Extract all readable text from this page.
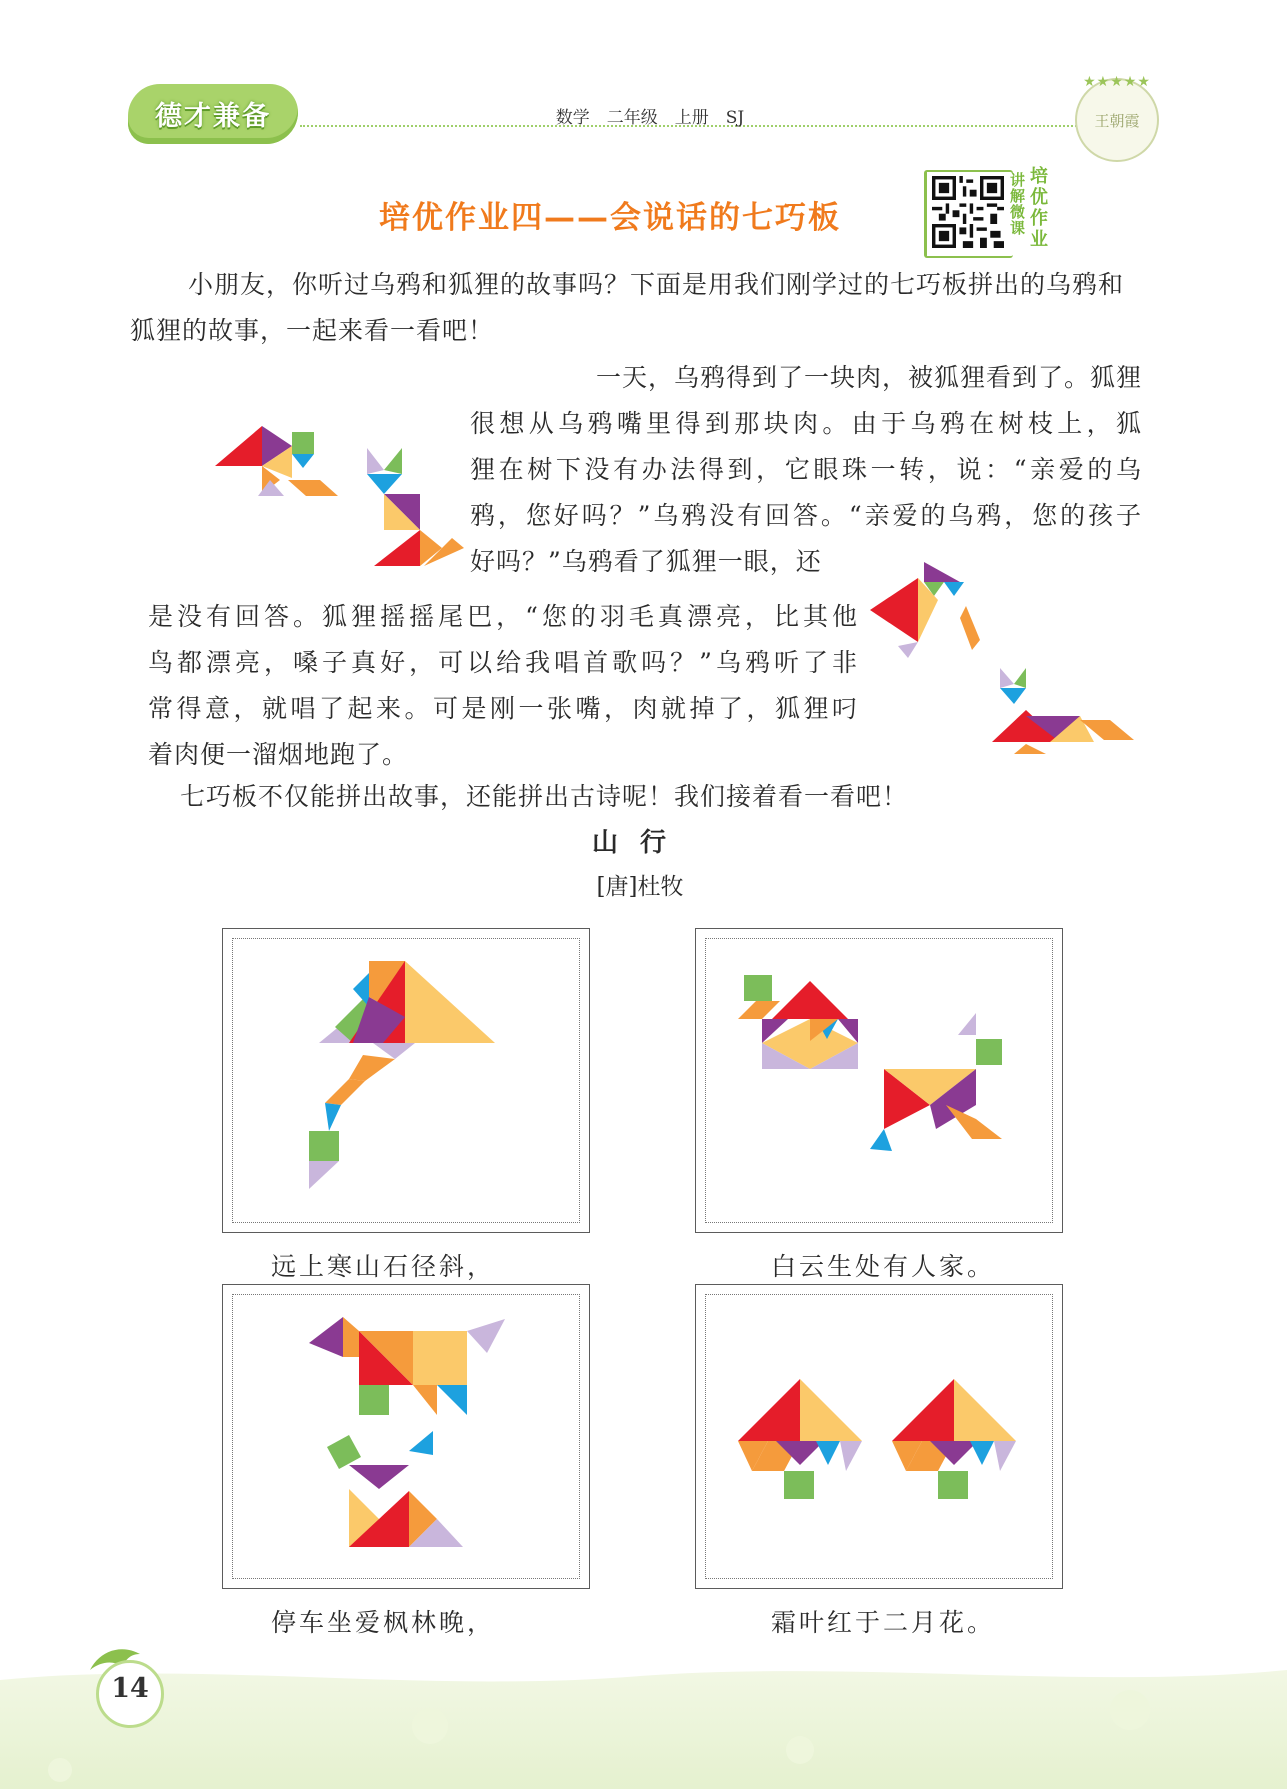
德才兼备	数学　二年级　上册　SJ
★★★★★
王朝霞
培优作业四——会说话的七巧板
讲解微课
培优作业
小朋友，你听过乌鸦和狐狸的故事吗？下面是用我们刚学过的七巧板拼出的乌鸦和狐狸的故事，一起来看一看吧！
一天，乌鸦得到了一块肉，被狐狸看到了。狐狸
很想从乌鸦嘴里得到那块肉。由于乌鸦在树枝上，狐
狸在树下没有办法得到，它眼珠一转，说：“亲爱的乌
鸦，您好吗？”乌鸦没有回答。“亲爱的乌鸦，您的孩子
好吗？”乌鸦看了狐狸一眼，还
是没有回答。狐狸摇摇尾巴，“您的羽毛真漂亮，比其他
鸟都漂亮，嗓子真好，可以给我唱首歌吗？”乌鸦听了非
常得意，就唱了起来。可是刚一张嘴，肉就掉了，狐狸叼
着肉便一溜烟地跑了。
七巧板不仅能拼出故事，还能拼出古诗呢！我们接着看一看吧！
山行
[唐]杜牧
远上寒山石径斜，	白云生处有人家。
停车坐爱枫林晚，	霜叶红于二月花。
14
